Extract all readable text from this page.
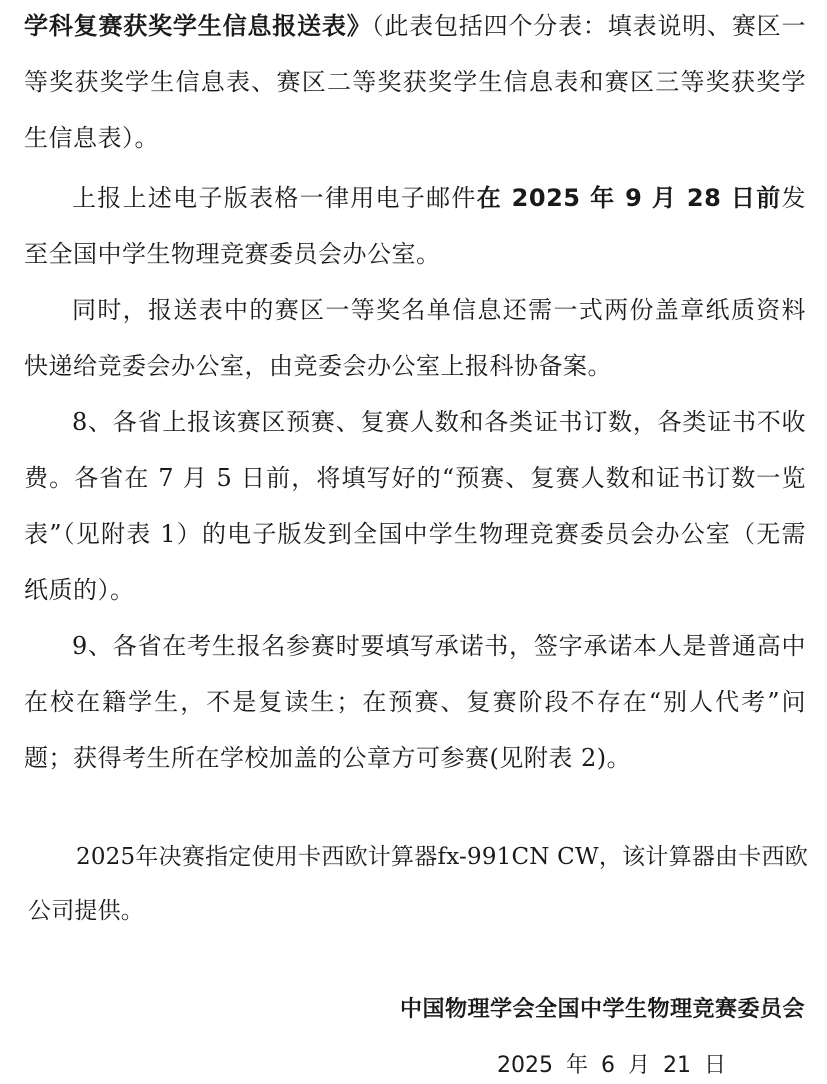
学科复赛获奖学生信息报送表》（此表包括四个分表：填表说明、赛区一等奖获奖学生信息表、赛区二等奖获奖学生信息表和赛区三等奖获奖学生信息表）。

上报上述电子版表格一律用电子邮件在 2025 年 9 月 28 日前发至全国中学生物理竞赛委员会办公室。

同时，报送表中的赛区一等奖名单信息还需一式两份盖章纸质资料快递给竞委会办公室，由竞委会办公室上报科协备案。

8、各省上报该赛区预赛、复赛人数和各类证书订数，各类证书不收费。各省在 7 月 5 日前，将填写好的“预赛、复赛人数和证书订数一览表”（见附表 1）的电子版发到全国中学生物理竞赛委员会办公室（无需纸质的）。

9、各省在考生报名参赛时要填写承诺书，签字承诺本人是普通高中在校在籍学生，不是复读生；在预赛、复赛阶段不存在“别人代考”问题；获得考生所在学校加盖的公章方可参赛(见附表 2)。

2025年决赛指定使用卡西欧计算器fx-991CN CW，该计算器由卡西欧公司提供。

中国物理学会全国中学生物理竞赛委员会
2025 年 6 月 21 日
